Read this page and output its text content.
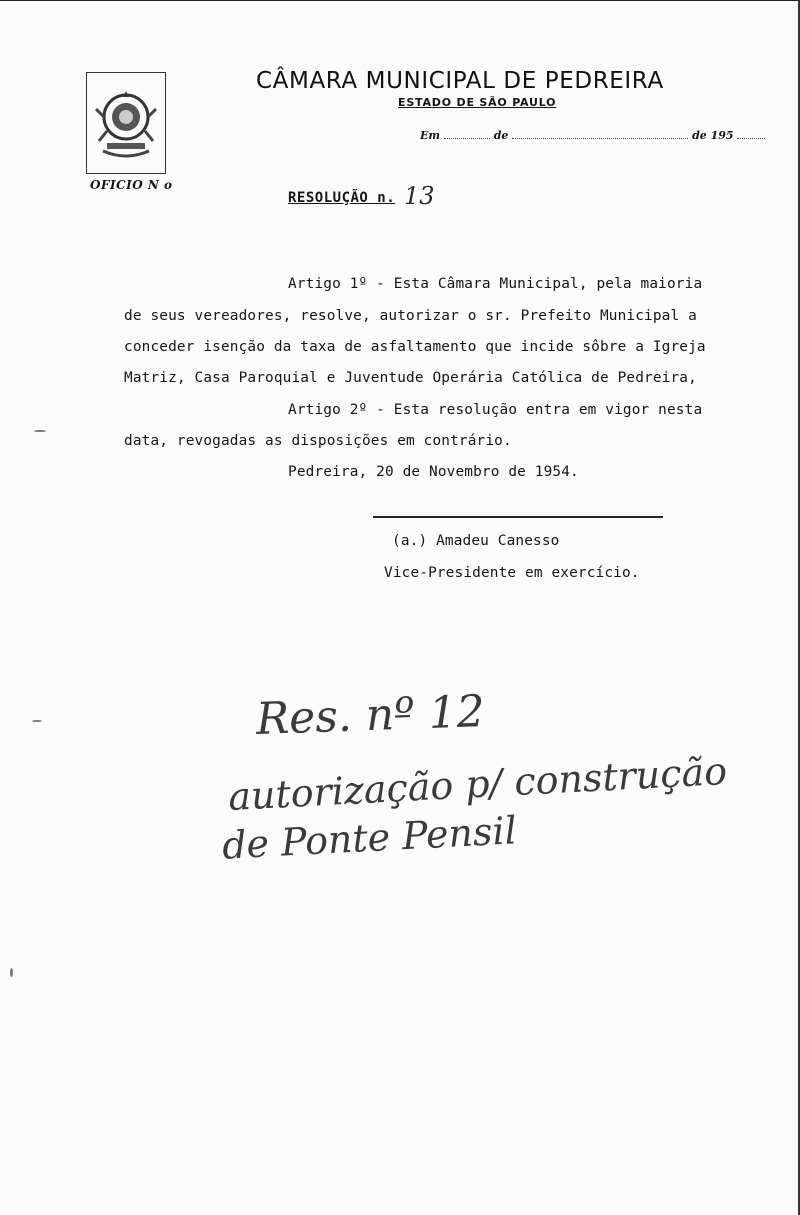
OFICIO N o
CÂMARA MUNICIPAL DE PEDREIRA
ESTADO DE SÃO PAULO
Em	de	de 195
RESOLUÇÃO n. 13
Artigo 1º - Esta Câmara Municipal, pela maioria
de seus vereadores, resolve, autorizar o sr. Prefeito Municipal a
conceder isenção da taxa de asfaltamento que incide sôbre a Igreja
Matriz, Casa Paroquial e Juventude Operária Católica de Pedreira,
Artigo 2º - Esta resolução entra em vigor nesta
data, revogadas as disposições em contrário.
Pedreira, 20 de Novembro de 1954.
(a.) Amadeu Canesso
Vice-Presidente em exercício.
Res. nº 12
autorização p/ construção
de Ponte Pensil
